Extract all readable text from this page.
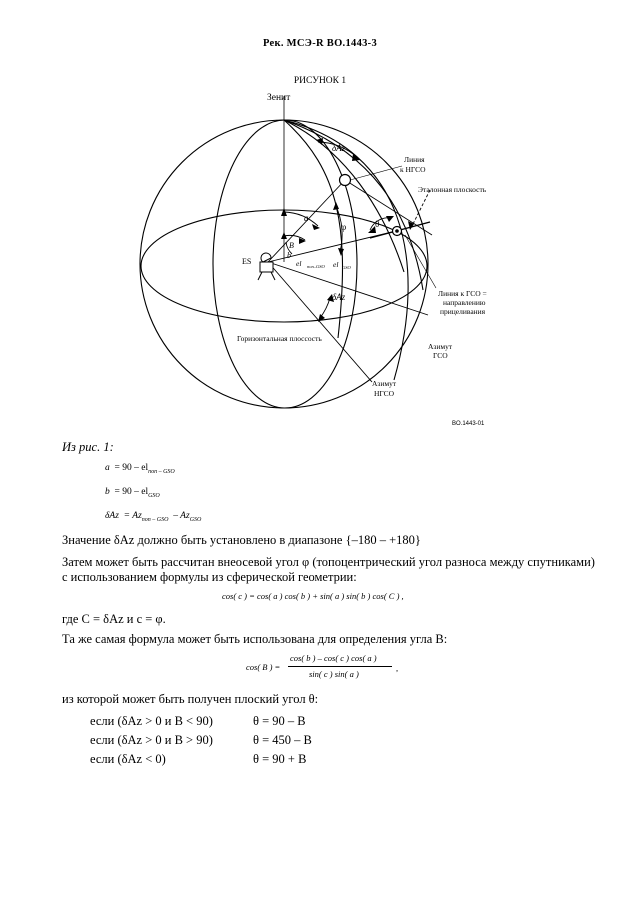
Рек. МСЭ-R BO.1443-3
РИСУНОК 1
Зенит
δAz
Линия
к НГСО
Эталонная плоскость
a
φ	θ
B
b
ES	el non–GSO el GSO
δAz	Линия к ГСО =
направлению
прицеливания
Горизонтальная плосcость
Азимут
ГСО
Азимут
НГСО
BO.1443-01
Из рис. 1:
$a = 90 - el_{non - GSO}$
$b = 90 - el_{GSO}$
$\delta Az = Az_{non - GSO} - Az_{GSO}$
Значение δAz должно быть установлено в диапазоне {–180 – +180}
Затем может быть рассчитан внеосевой угол φ (топоцентрический угол разноса между спутниками)
с использованием формулы из сферической геометрии:
cos( c ) = cos( a ) cos( b ) + sin( a ) sin( b ) cos( C ) ,
где C = δAz и c = φ.
Та же самая формула может быть использована для определения угла B:
cos( B ) =
cos( b ) – cos( c ) cos( a )
sin( c ) sin( a )
,
из которой может быть получен плоский угол θ:
если (δAz > 0 и B < 90)	θ = 90 – B
если (δAz > 0 и B > 90)	θ = 450 – B
если (δAz < 0)	θ = 90 + B
